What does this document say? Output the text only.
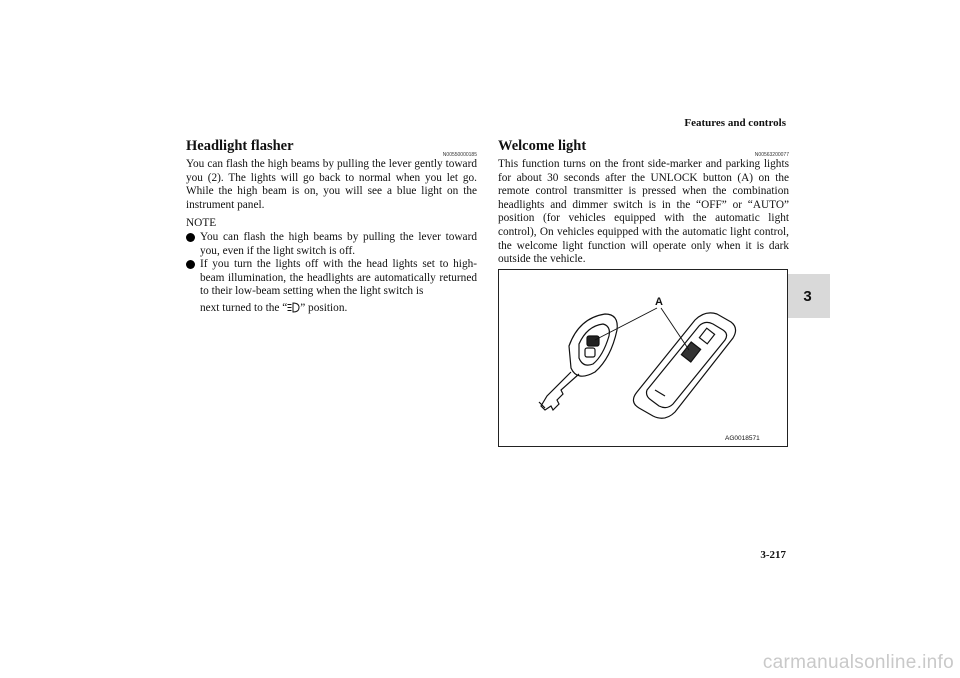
Features and controls
3
Headlight flasher
N00550000185

You can flash the high beams by pulling the lever gently toward you (2). The lights will go back to normal when you let go. While the high beam is on, you will see a blue light on the instrument panel.

NOTE
You can flash the high beams by pulling the lever toward you, even if the light switch is off.
If you turn the lights off with the head lights set to high-beam illumination, the headlights are automatically returned to their low-beam setting when the light switch is
next turned to the “ ” position.
Welcome light
N00563200077

This function turns on the front side-marker and parking lights for about 30 seconds after the UNLOCK button (A) on the remote control transmitter is pressed when the combination headlights and dimmer switch is in the “OFF” or “AUTO” position (for vehicles equipped with the automatic light control), On vehicles equipped with the automatic light control, the welcome light function will operate only when it is dark outside the vehicle.

A
AG0018571
3-217
carmanualsonline.info
